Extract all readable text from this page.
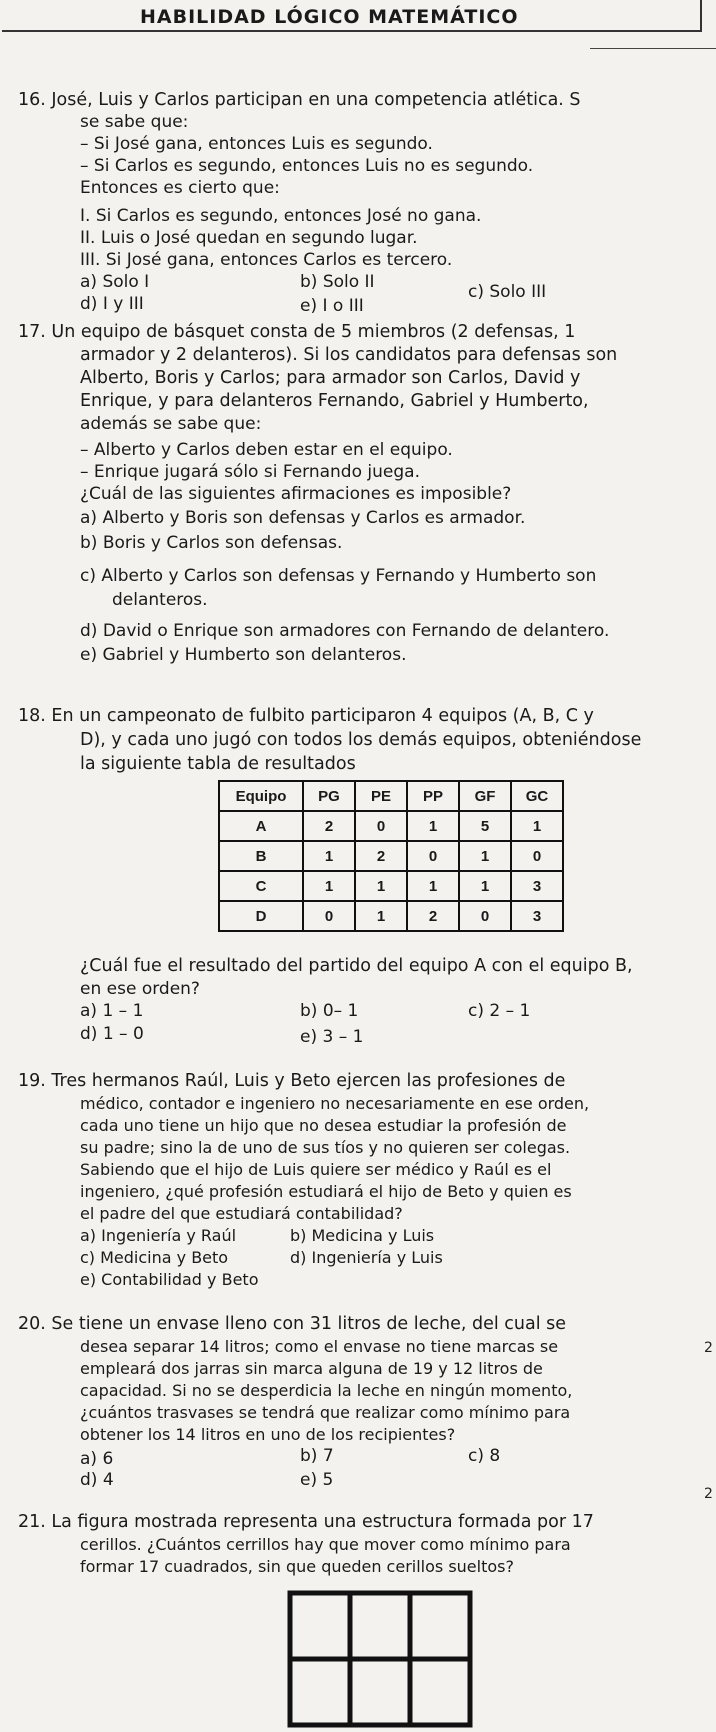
HABILIDAD LÓGICO MATEMÁTICO
16. José, Luis y Carlos participan en una competencia atlética. S
se sabe que:
– Si José gana, entonces Luis es segundo.
– Si Carlos es segundo, entonces Luis no es segundo.
Entonces es cierto que:
I. Si Carlos es segundo, entonces José no gana.
II. Luis o José quedan en segundo lugar.
III. Si José gana, entonces Carlos es tercero.
a) Solo I	b) Solo II	c) Solo III
d) I y III	e) I o III
17. Un equipo de básquet consta de 5 miembros (2 defensas, 1
armador y 2 delanteros). Si los candidatos para defensas son
Alberto, Boris y Carlos; para armador son Carlos, David y
Enrique, y para delanteros Fernando, Gabriel y Humberto,
además se sabe que:
– Alberto y Carlos deben estar en el equipo.
– Enrique jugará sólo si Fernando juega.
¿Cuál de las siguientes afirmaciones es imposible?
a) Alberto y Boris son defensas y Carlos es armador.
b) Boris y Carlos son defensas.
c) Alberto y Carlos son defensas y Fernando y Humberto son
delanteros.
d) David o Enrique son armadores con Fernando de delantero.
e) Gabriel y Humberto son delanteros.
18. En un campeonato de fulbito participaron 4 equipos (A, B, C y
D), y cada uno jugó con todos los demás equipos, obteniéndose
la siguiente tabla de resultados
Equipo	PG	PE	PP	GF	GC
A	2	0	1	5	1
B	1	2	0	1	0
C	1	1	1	1	3
D	0	1	2	0	3
¿Cuál fue el resultado del partido del equipo A con el equipo B,
en ese orden?
a) 1 – 1	b) 0– 1	c) 2 – 1
d) 1 – 0	e) 3 – 1
19. Tres hermanos Raúl, Luis y Beto ejercen las profesiones de
médico, contador e ingeniero no necesariamente en ese orden,
cada uno tiene un hijo que no desea estudiar la profesión de
su padre; sino la de uno de sus tíos y no quieren ser colegas.
Sabiendo que el hijo de Luis quiere ser médico y Raúl es el
ingeniero, ¿qué profesión estudiará el hijo de Beto y quien es
el padre del que estudiará contabilidad?
a) Ingeniería y Raúl	b) Medicina y Luis
c) Medicina y Beto	d) Ingeniería y Luis
e) Contabilidad y Beto
20. Se tiene un envase lleno con 31 litros de leche, del cual se
desea separar 14 litros; como el envase no tiene marcas se
empleará dos jarras sin marca alguna de 19 y 12 litros de
capacidad. Si no se desperdicia la leche en ningún momento,
¿cuántos trasvases se tendrá que realizar como mínimo para
obtener los 14 litros en uno de los recipientes?
a) 6	b) 7	c) 8
d) 4	e) 5
21. La figura mostrada representa una estructura formada por 17
cerillos. ¿Cuántos cerrillos hay que mover como mínimo para
formar 17 cuadrados, sin que queden cerillos sueltos?
2
2
